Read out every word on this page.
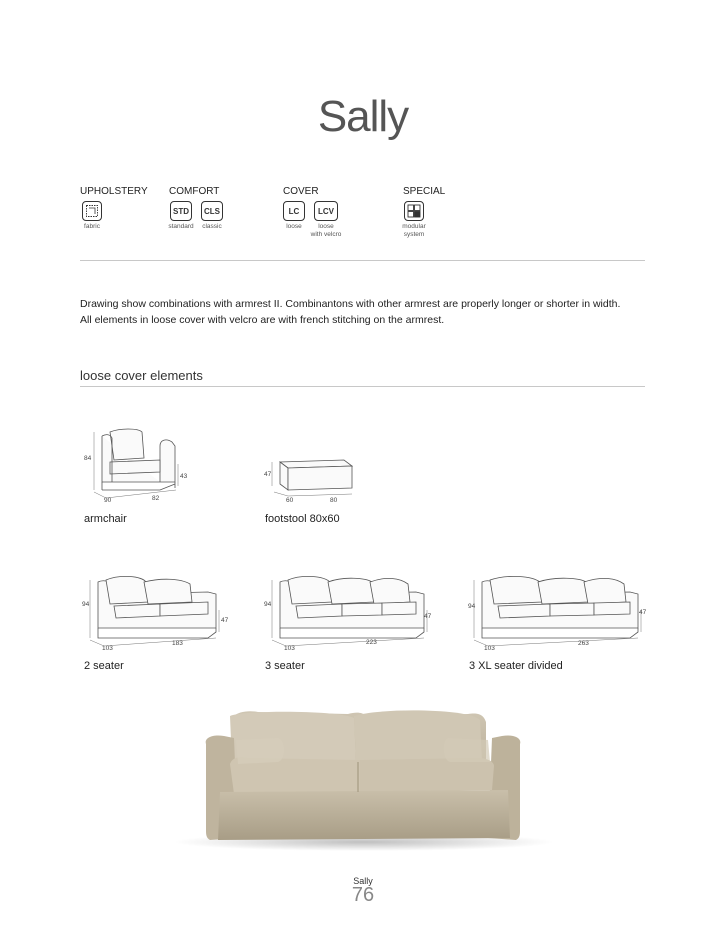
Sally
UPHOLSTERY COMFORT	COVER	SPECIAL
fabric
STD
standard
CLS
classic
LC
loose
LCV
loose
with velcro
modular
system
Drawing show combinations with armrest II. Combinantons with other armrest are properly longer or shorter in width.
All elements in loose cover with velcro are with french stitching on the armrest.
loose cover elements
84
43
90	82
armchair
47
60	80
footstool 80x60
94
47
103
183
2 seater
94
47
103
223
3 seater
94
47
103
263
3 XL seater divided
Sally
76
